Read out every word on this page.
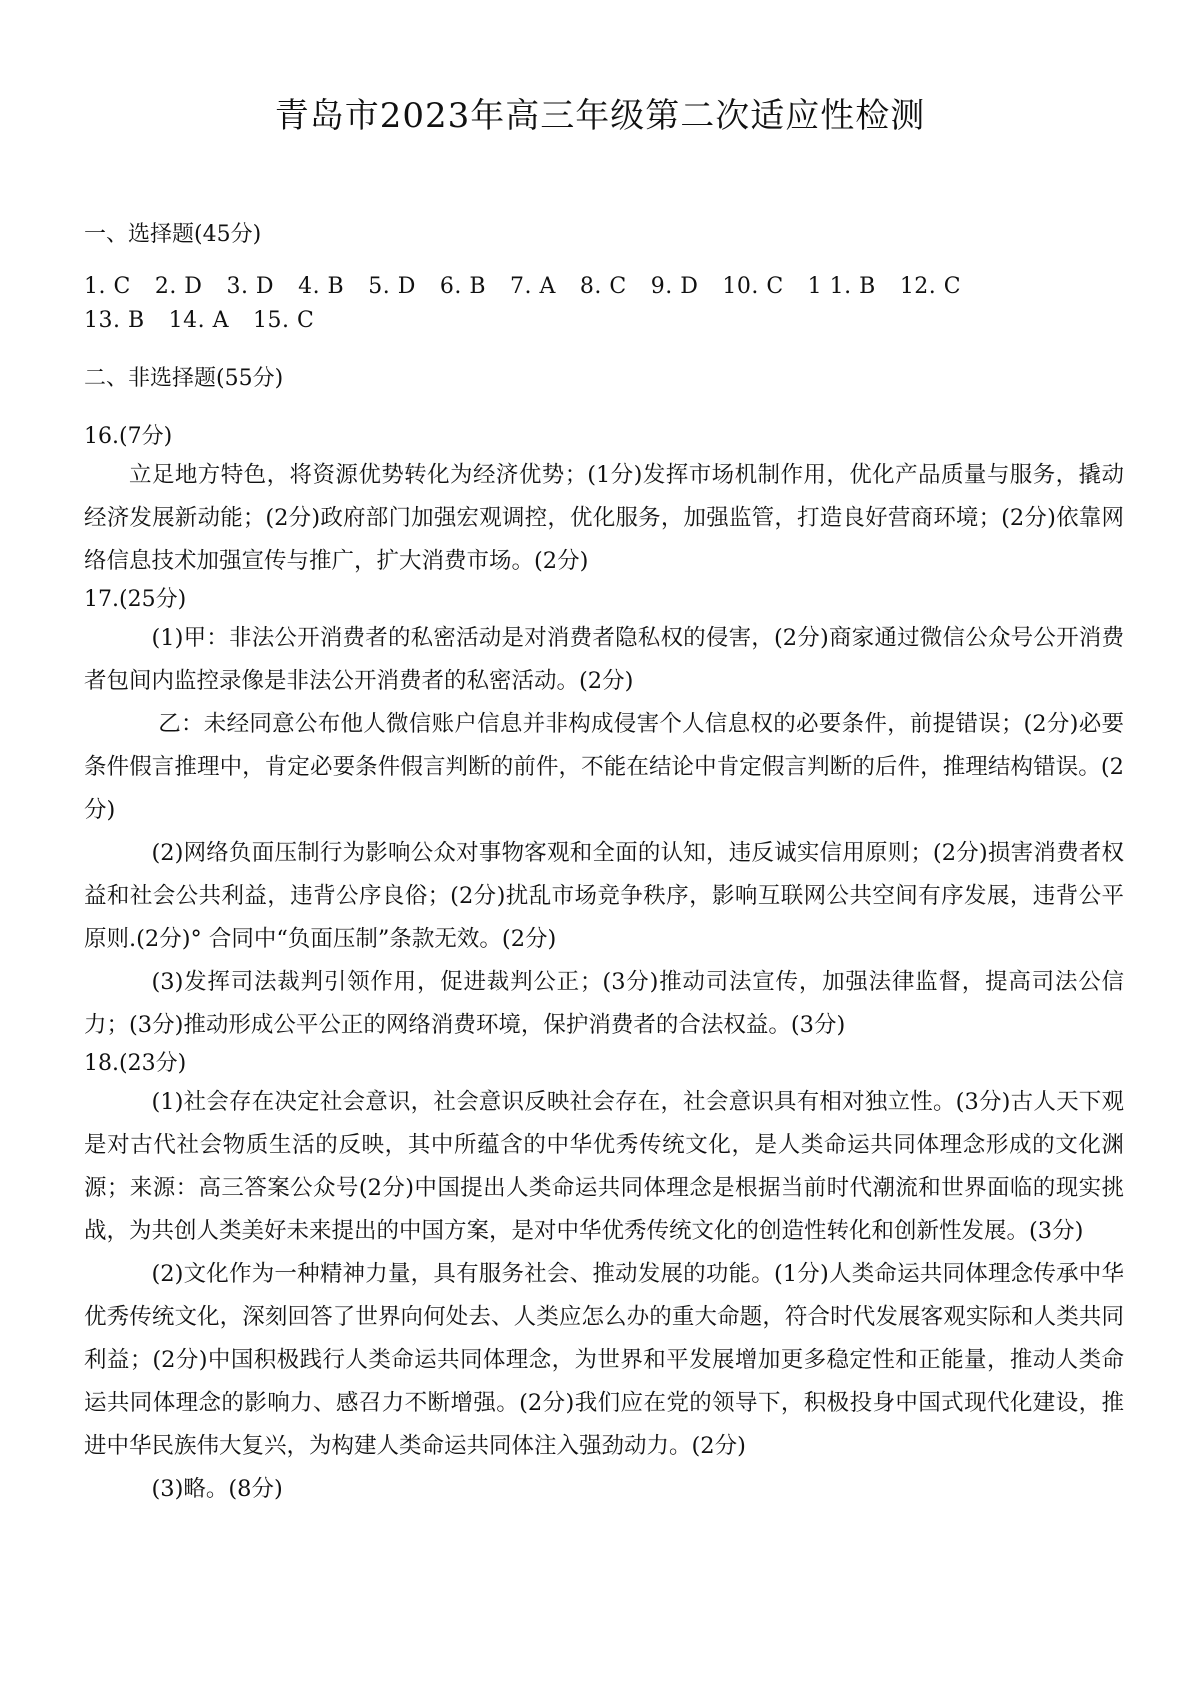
青岛市2023年高三年级第二次适应性检测
一、选择题(45分)
1. C 2. D 3. D 4. B 5. D 6. B 7. A 8. C 9. D 10. C 1 1. B 12. C
13. B 14. A 15. C
二、非选择题(55分)
16.(7分)

立足地方特色，将资源优势转化为经济优势；(1分)发挥市场机制作用，优化产品质量与服务，撬动经济发展新动能；(2分)政府部门加强宏观调控，优化服务，加强监管，打造良好营商环境；(2分)依靠网络信息技术加强宣传与推广，扩大消费市场。(2分)

17.(25分)

(1)甲：非法公开消费者的私密活动是对消费者隐私权的侵害，(2分)商家通过微信公众号公开消费者包间内监控录像是非法公开消费者的私密活动。(2分)

乙：未经同意公布他人微信账户信息并非构成侵害个人信息权的必要条件，前提错误；(2分)必要条件假言推理中，肯定必要条件假言判断的前件，不能在结论中肯定假言判断的后件，推理结构错误。(2分)

(2)网络负面压制行为影响公众对事物客观和全面的认知，违反诚实信用原则；(2分)损害消费者权益和社会公共利益，违背公序良俗；(2分)扰乱市场竞争秩序，影响互联网公共空间有序发展，违背公平原则.(2分)° 合同中“负面压制”条款无效。(2分)

(3)发挥司法裁判引领作用，促进裁判公正；(3分)推动司法宣传，加强法律监督，提高司法公信力；(3分)推动形成公平公正的网络消费环境，保护消费者的合法权益。(3分)

18.(23分)

(1)社会存在决定社会意识，社会意识反映社会存在，社会意识具有相对独立性。(3分)古人天下观是对古代社会物质生活的反映，其中所蕴含的中华优秀传统文化，是人类命运共同体理念形成的文化渊源；来源：高三答案公众号(2分)中国提出人类命运共同体理念是根据当前时代潮流和世界面临的现实挑战，为共创人类美好未来提出的中国方案，是对中华优秀传统文化的创造性转化和创新性发展。(3分)

(2)文化作为一种精神力量，具有服务社会、推动发展的功能。(1分)人类命运共同体理念传承中华优秀传统文化，深刻回答了世界向何处去、人类应怎么办的重大命题，符合时代发展客观实际和人类共同利益；(2分)中国积极践行人类命运共同体理念，为世界和平发展增加更多稳定性和正能量，推动人类命运共同体理念的影响力、感召力不断增强。(2分)我们应在党的领导下，积极投身中国式现代化建设，推进中华民族伟大复兴，为构建人类命运共同体注入强劲动力。(2分)

(3)略。(8分)
